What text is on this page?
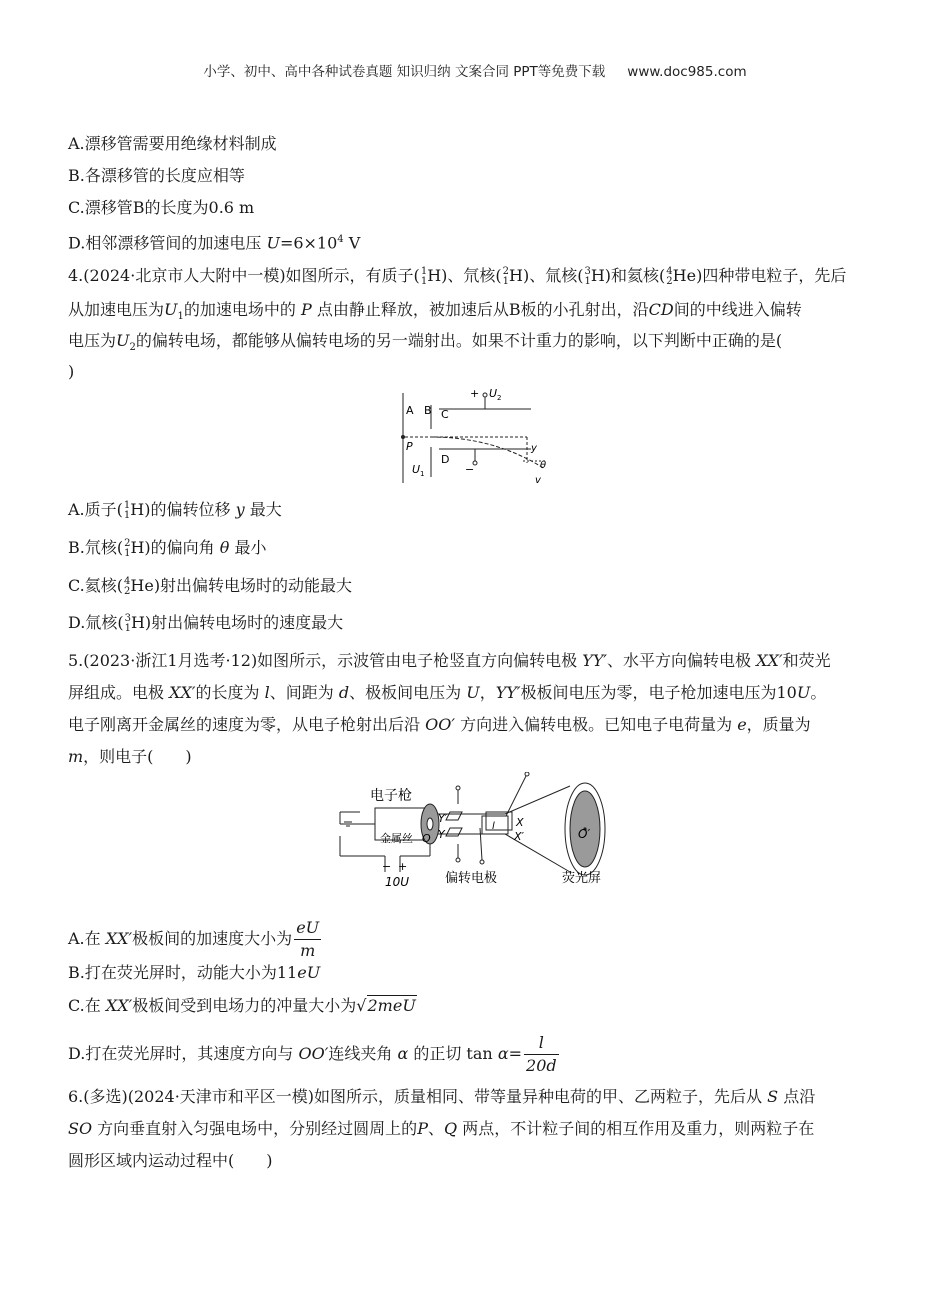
小学、初中、高中各种试卷真题 知识归纳 文案合同 PPT等免费下载 www.doc985.com
A.漂移管需要用绝缘材料制成
B.各漂移管的长度应相等
C.漂移管B的长度为0.6 m
D.相邻漂移管间的加速电压 $U=6\times 10^4$ V
4.(2024·北京市人大附中一模)如图所示，有质子( 1
1 H)、氘核( 2
1 H)、氚核( 3
1 H)和氦核( 4
2 He)四种带电粒子，先后
从加速电压为$U_1$的加速电场中的 P 点由静止释放，被加速后从B板的小孔射出，沿CD间的中线进入偏转
电压为$U_2$的偏转电场，都能够从偏转电场的另一端射出。如果不计重力的影响，以下判断中正确的是(
)
A B C
D
P
U 1
+ U 2
−
y
θ
v
A.质子( 1
1 H)的偏转位移 y 最大
B.氘核( 2
1 H)的偏向角 θ 最小
C.氦核( 4
2 He)射出偏转电场时的动能最大
D.氚核( 3
1 H)射出偏转电场时的速度最大
5.(2023·浙江1月选考·12)如图所示，示波管由电子枪竖直方向偏转电极 YY′、水平方向偏转电极 XX′和荧光
屏组成。电极 XX′的长度为 l、间距为 d、极板间电压为 U，YY′极板间电压为零，电子枪加速电压为10U。
电子刚离开金属丝的速度为零，从电子枪射出后沿 OO′ 方向进入偏转电极。已知电子电荷量为 e，质量为
m，则电子(　　)
电子枪
金属丝
Y′
Y
X
X′
l
O	O′
− +
10U	偏转电极	荧光屏
A.在 XX′极板间的加速度大小为 $\frac{eU}{m}$
B.打在荧光屏时，动能大小为11eU
C.在 XX′极板间受到电场力的冲量大小为√2meU
D.打在荧光屏时，其速度方向与 OO′连线夹角 α 的正切 $\tan \alpha= \frac{l}{20d}$
6.(多选)(2024·天津市和平区一模)如图所示，质量相同、带等量异种电荷的甲、乙两粒子，先后从 S 点沿
SO 方向垂直射入匀强电场中，分别经过圆周上的P、Q 两点，不计粒子间的相互作用及重力，则两粒子在
圆形区域内运动过程中(　　)
